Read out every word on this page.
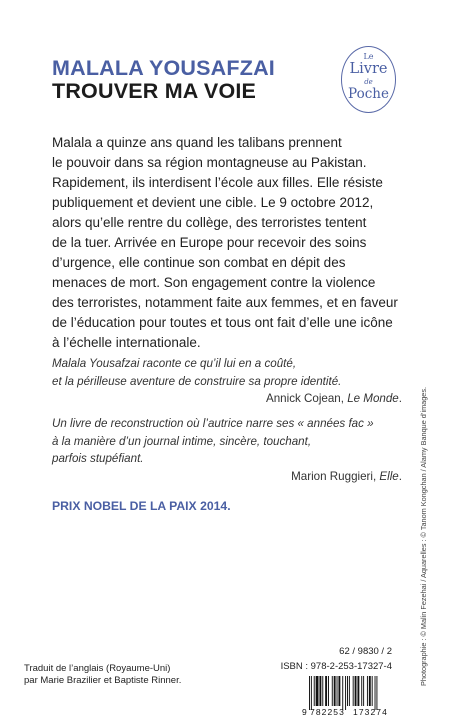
MALALA YOUSAFZAI
TROUVER MA VOIE
Le
Livre
de
Poche
Malala a quinze ans quand les talibans prennent
le pouvoir dans sa région montagneuse au Pakistan.
Rapidement, ils interdisent l’école aux filles. Elle résiste
publiquement et devient une cible. Le 9 octobre 2012,
alors qu’elle rentre du collège, des terroristes tentent
de la tuer. Arrivée en Europe pour recevoir des soins
d’urgence, elle continue son combat en dépit des
menaces de mort. Son engagement contre la violence
des terroristes, notamment faite aux femmes, et en faveur
de l’éducation pour toutes et tous ont fait d’elle une icône
à l’échelle internationale.
Malala Yousafzai raconte ce qu’il lui en a coûté,
et la périlleuse aventure de construire sa propre identité.
Annick Cojean, Le Monde.
Un livre de reconstruction où l’autrice narre ses « années fac »
à la manière d’un journal intime, sincère, touchant,
parfois stupéfiant.
Marion Ruggieri, Elle.
PRIX NOBEL DE LA PAIX 2014.	Photographie : © Malin Fezehai / Aquarelles : © Tanom Kongchan / Alamy Banque d’images.
62 / 9830 / 2
ISBN : 978-2-253-17327-4
Traduit de l’anglais (Royaume-Uni)
par Marie Brazilier et Baptiste Rinner.
9 782253 173274
